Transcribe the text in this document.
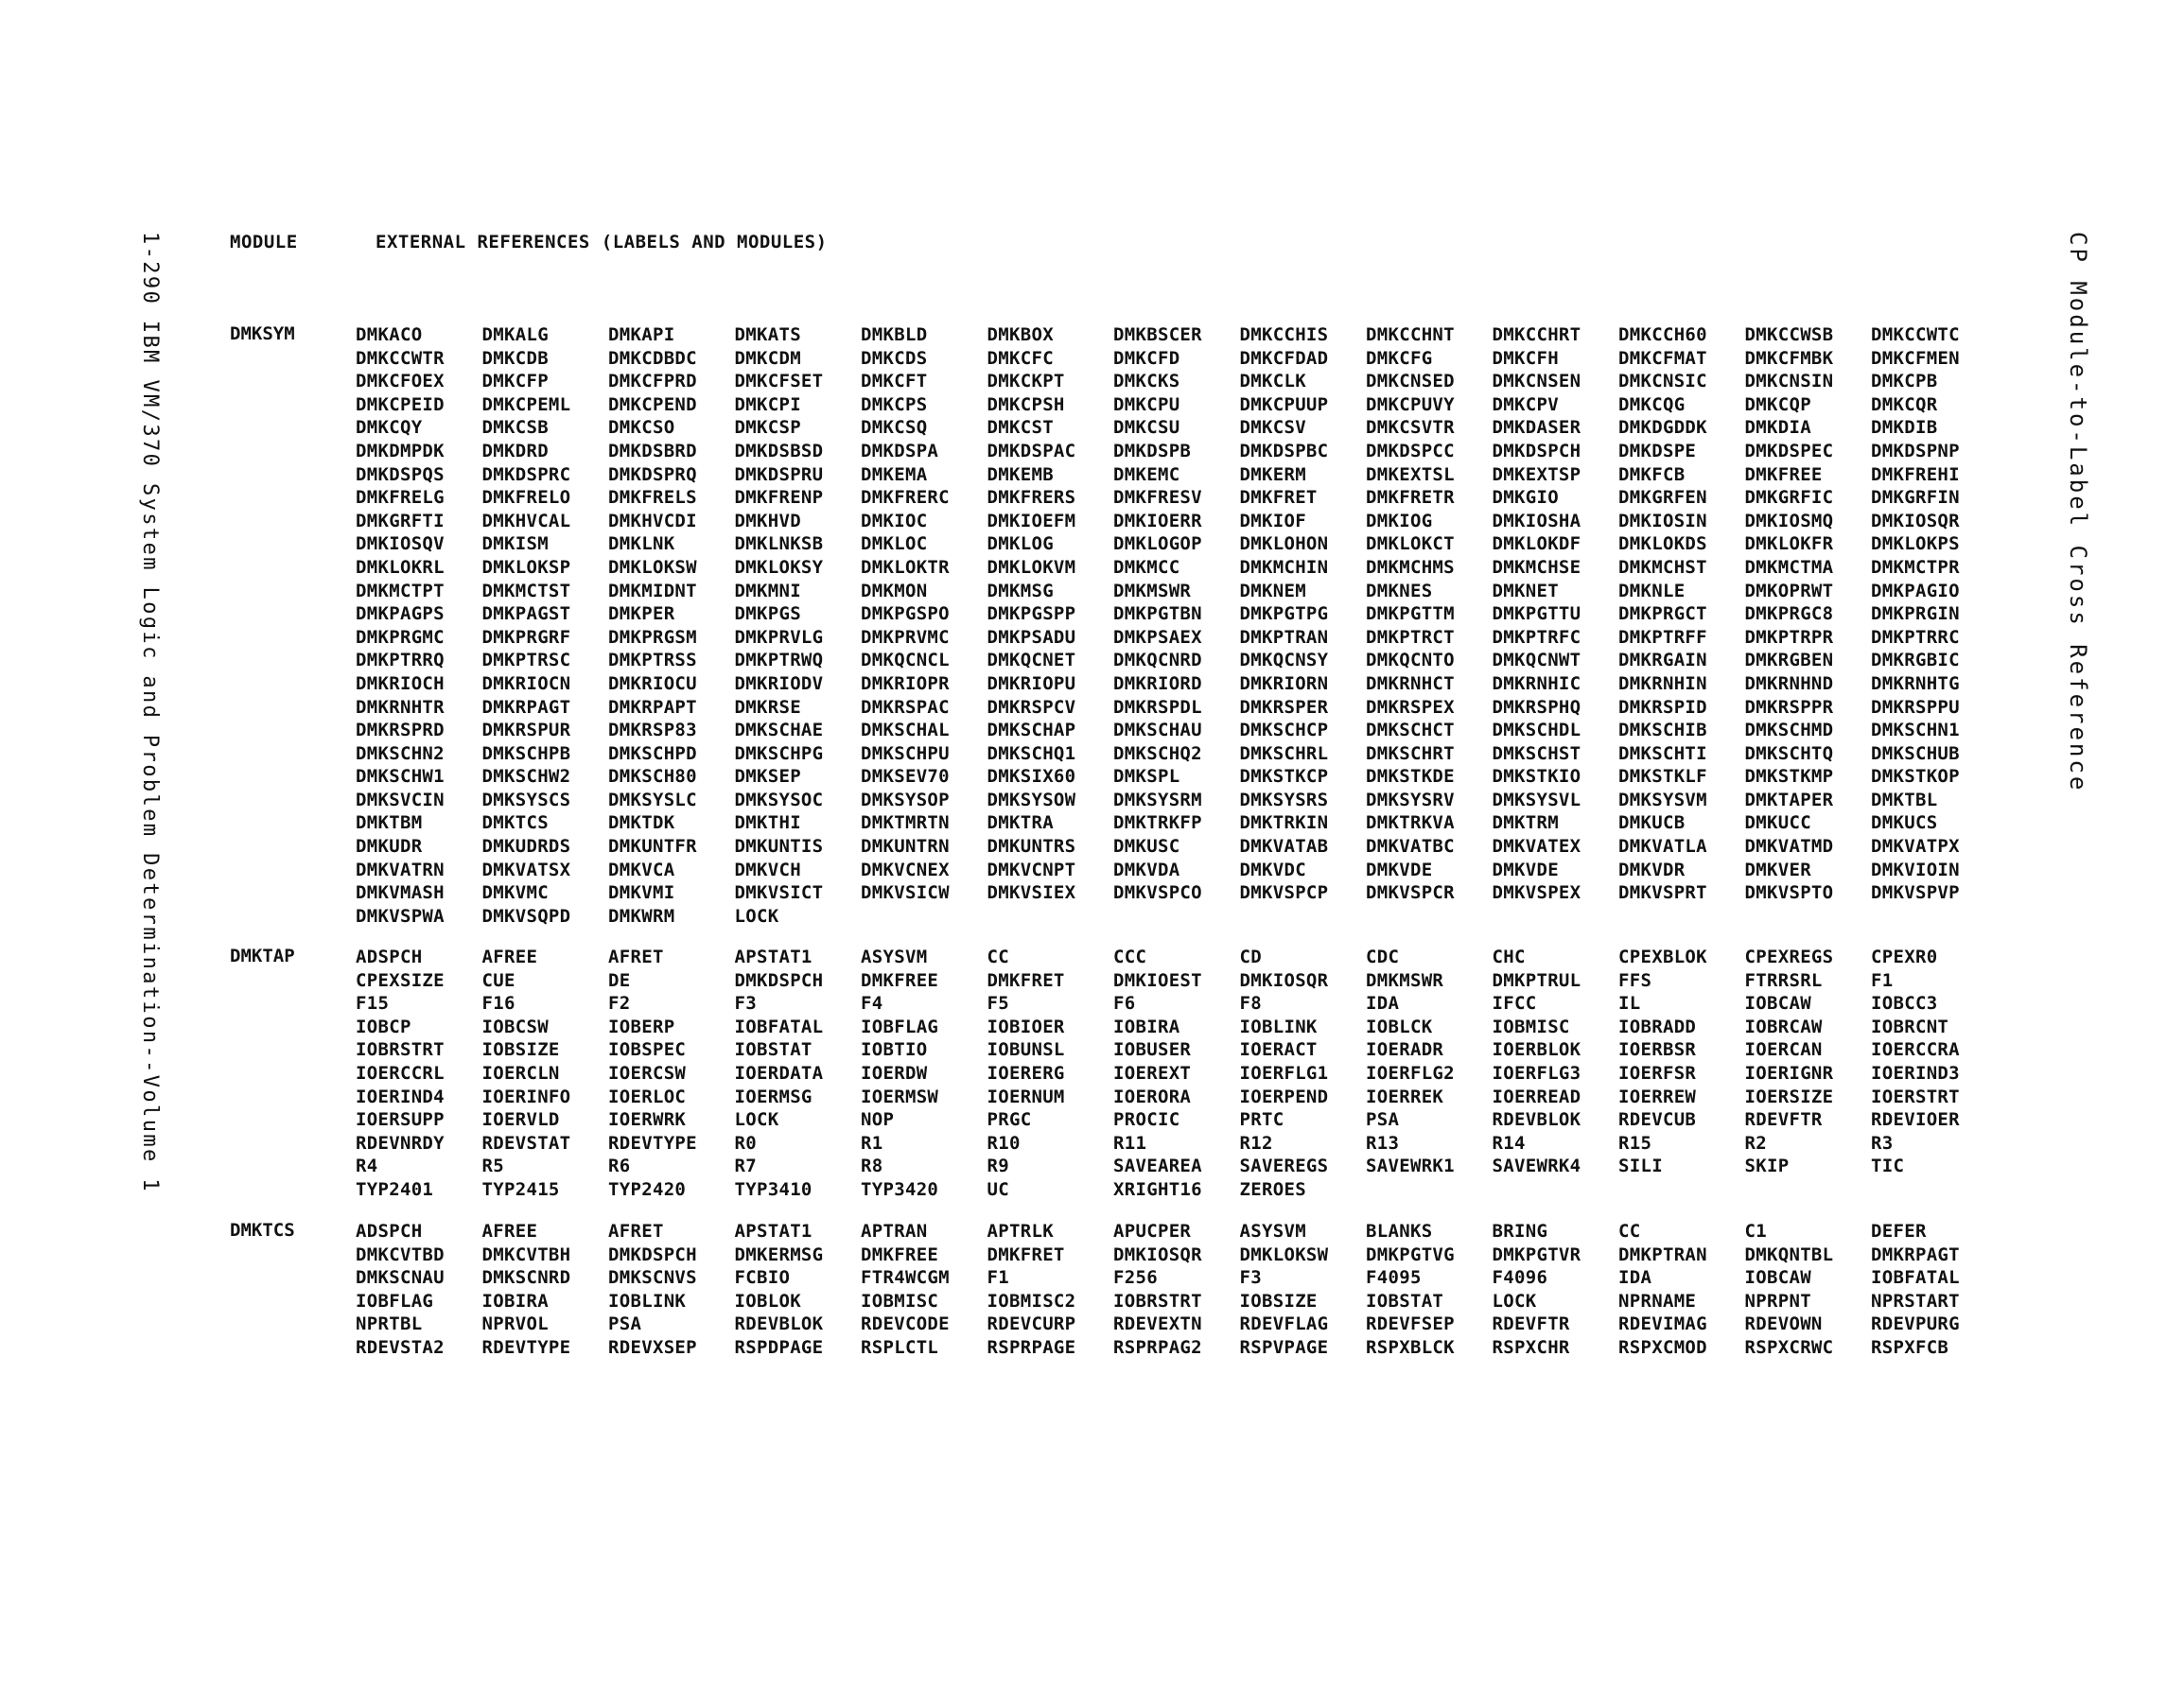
1-290 IBM VM/370 System Logic and Problem Determination--Volume 1	CP Module-to-Label Cross Reference
MODULE	EXTERNAL REFERENCES (LABELS AND MODULES)
DMKSYM	DMKACO	DMKALG	DMKAPI	DMKATS	DMKBLD	DMKBOX	DMKBSCER	DMKCCHIS	DMKCCHNT	DMKCCHRT	DMKCCH60	DMKCCWSB	DMKCCWTC
DMKCCWTR	DMKCDB	DMKCDBDC	DMKCDM	DMKCDS	DMKCFC	DMKCFD	DMKCFDAD	DMKCFG	DMKCFH	DMKCFMAT	DMKCFMBK	DMKCFMEN
DMKCFOEX	DMKCFP	DMKCFPRD	DMKCFSET	DMKCFT	DMKCKPT	DMKCKS	DMKCLK	DMKCNSED	DMKCNSEN	DMKCNSIC	DMKCNSIN	DMKCPB
DMKCPEID	DMKCPEML	DMKCPEND	DMKCPI	DMKCPS	DMKCPSH	DMKCPU	DMKCPUUP	DMKCPUVY	DMKCPV	DMKCQG	DMKCQP	DMKCQR
DMKCQY	DMKCSB	DMKCSO	DMKCSP	DMKCSQ	DMKCST	DMKCSU	DMKCSV	DMKCSVTR	DMKDASER	DMKDGDDK	DMKDIA	DMKDIB
DMKDMPDK	DMKDRD	DMKDSBRD	DMKDSBSD	DMKDSPA	DMKDSPAC	DMKDSPB	DMKDSPBC	DMKDSPCC	DMKDSPCH	DMKDSPE	DMKDSPEC	DMKDSPNP
DMKDSPQS	DMKDSPRC	DMKDSPRQ	DMKDSPRU	DMKEMA	DMKEMB	DMKEMC	DMKERM	DMKEXTSL	DMKEXTSP	DMKFCB	DMKFREE	DMKFREHI
DMKFRELG	DMKFRELO	DMKFRELS	DMKFRENP	DMKFRERC	DMKFRERS	DMKFRESV	DMKFRET	DMKFRETR	DMKGIO	DMKGRFEN	DMKGRFIC	DMKGRFIN
DMKGRFTI	DMKHVCAL	DMKHVCDI	DMKHVD	DMKIOC	DMKIOEFM	DMKIOERR	DMKIOF	DMKIOG	DMKIOSHA	DMKIOSIN	DMKIOSMQ	DMKIOSQR
DMKIOSQV	DMKISM	DMKLNK	DMKLNKSB	DMKLOC	DMKLOG	DMKLOGOP	DMKLOHON	DMKLOKCT	DMKLOKDF	DMKLOKDS	DMKLOKFR	DMKLOKPS
DMKLOKRL	DMKLOKSP	DMKLOKSW	DMKLOKSY	DMKLOKTR	DMKLOKVM	DMKMCC	DMKMCHIN	DMKMCHMS	DMKMCHSE	DMKMCHST	DMKMCTMA	DMKMCTPR
DMKMCTPT	DMKMCTST	DMKMIDNT	DMKMNI	DMKMON	DMKMSG	DMKMSWR	DMKNEM	DMKNES	DMKNET	DMKNLE	DMKOPRWT	DMKPAGIO
DMKPAGPS	DMKPAGST	DMKPER	DMKPGS	DMKPGSPO	DMKPGSPP	DMKPGTBN	DMKPGTPG	DMKPGTTM	DMKPGTTU	DMKPRGCT	DMKPRGC8	DMKPRGIN
DMKPRGMC	DMKPRGRF	DMKPRGSM	DMKPRVLG	DMKPRVMC	DMKPSADU	DMKPSAEX	DMKPTRAN	DMKPTRCT	DMKPTRFC	DMKPTRFF	DMKPTRPR	DMKPTRRC
DMKPTRRQ	DMKPTRSC	DMKPTRSS	DMKPTRWQ	DMKQCNCL	DMKQCNET	DMKQCNRD	DMKQCNSY	DMKQCNTO	DMKQCNWT	DMKRGAIN	DMKRGBEN	DMKRGBIC
DMKRIOCH	DMKRIOCN	DMKRIOCU	DMKRIODV	DMKRIOPR	DMKRIOPU	DMKRIORD	DMKRIORN	DMKRNHCT	DMKRNHIC	DMKRNHIN	DMKRNHND	DMKRNHTG
DMKRNHTR	DMKRPAGT	DMKRPAPT	DMKRSE	DMKRSPAC	DMKRSPCV	DMKRSPDL	DMKRSPER	DMKRSPEX	DMKRSPHQ	DMKRSPID	DMKRSPPR	DMKRSPPU
DMKRSPRD	DMKRSPUR	DMKRSP83	DMKSCHAE	DMKSCHAL	DMKSCHAP	DMKSCHAU	DMKSCHCP	DMKSCHCT	DMKSCHDL	DMKSCHIB	DMKSCHMD	DMKSCHN1
DMKSCHN2	DMKSCHPB	DMKSCHPD	DMKSCHPG	DMKSCHPU	DMKSCHQ1	DMKSCHQ2	DMKSCHRL	DMKSCHRT	DMKSCHST	DMKSCHTI	DMKSCHTQ	DMKSCHUB
DMKSCHW1	DMKSCHW2	DMKSCH80	DMKSEP	DMKSEV70	DMKSIX60	DMKSPL	DMKSTKCP	DMKSTKDE	DMKSTKIO	DMKSTKLF	DMKSTKMP	DMKSTKOP
DMKSVCIN	DMKSYSCS	DMKSYSLC	DMKSYSOC	DMKSYSOP	DMKSYSOW	DMKSYSRM	DMKSYSRS	DMKSYSRV	DMKSYSVL	DMKSYSVM	DMKTAPER	DMKTBL
DMKTBM	DMKTCS	DMKTDK	DMKTHI	DMKTMRTN	DMKTRA	DMKTRKFP	DMKTRKIN	DMKTRKVA	DMKTRM	DMKUCB	DMKUCC	DMKUCS
DMKUDR	DMKUDRDS	DMKUNTFR	DMKUNTIS	DMKUNTRN	DMKUNTRS	DMKUSC	DMKVATAB	DMKVATBC	DMKVATEX	DMKVATLA	DMKVATMD	DMKVATPX
DMKVATRN	DMKVATSX	DMKVCA	DMKVCH	DMKVCNEX	DMKVCNPT	DMKVDA	DMKVDC	DMKVDE	DMKVDE	DMKVDR	DMKVER	DMKVIOIN
DMKVMASH	DMKVMC	DMKVMI	DMKVSICT	DMKVSICW	DMKVSIEX	DMKVSPCO	DMKVSPCP	DMKVSPCR	DMKVSPEX	DMKVSPRT	DMKVSPTO	DMKVSPVP
DMKVSPWA	DMKVSQPD	DMKWRM	LOCK
DMKTAP	ADSPCH	AFREE	AFRET	APSTAT1	ASYSVM	CC	CCC	CD	CDC	CHC	CPEXBLOK	CPEXREGS	CPEXR0
CPEXSIZE	CUE	DE	DMKDSPCH	DMKFREE	DMKFRET	DMKIOEST	DMKIOSQR	DMKMSWR	DMKPTRUL	FFS	FTRRSRL	F1
F15	F16	F2	F3	F4	F5	F6	F8	IDA	IFCC	IL	IOBCAW	IOBCC3
IOBCP	IOBCSW	IOBERP	IOBFATAL	IOBFLAG	IOBIOER	IOBIRA	IOBLINK	IOBLCK	IOBMISC	IOBRADD	IOBRCAW	IOBRCNT
IOBRSTRT	IOBSIZE	IOBSPEC	IOBSTAT	IOBTIO	IOBUNSL	IOBUSER	IOERACT	IOERADR	IOERBLOK	IOERBSR	IOERCAN	IOERCCRA
IOERCCRL	IOERCLN	IOERCSW	IOERDATA	IOERDW	IOERERG	IOEREXT	IOERFLG1	IOERFLG2	IOERFLG3	IOERFSR	IOERIGNR	IOERIND3
IOERIND4	IOERINFO	IOERLOC	IOERMSG	IOERMSW	IOERNUM	IOERORA	IOERPEND	IOERREK	IOERREAD	IOERREW	IOERSIZE	IOERSTRT
IOERSUPP	IOERVLD	IOERWRK	LOCK	NOP	PRGC	PROCIC	PRTC	PSA	RDEVBLOK	RDEVCUB	RDEVFTR	RDEVIOER
RDEVNRDY	RDEVSTAT	RDEVTYPE	R0	R1	R10	R11	R12	R13	R14	R15	R2	R3
R4	R5	R6	R7	R8	R9	SAVEAREA	SAVEREGS	SAVEWRK1	SAVEWRK4	SILI	SKIP	TIC
TYP2401	TYP2415	TYP2420	TYP3410	TYP3420	UC	XRIGHT16	ZEROES
DMKTCS	ADSPCH	AFREE	AFRET	APSTAT1	APTRAN	APTRLK	APUCPER	ASYSVM	BLANKS	BRING	CC	C1	DEFER
DMKCVTBD	DMKCVTBH	DMKDSPCH	DMKERMSG	DMKFREE	DMKFRET	DMKIOSQR	DMKLOKSW	DMKPGTVG	DMKPGTVR	DMKPTRAN	DMKQNTBL	DMKRPAGT
DMKSCNAU	DMKSCNRD	DMKSCNVS	FCBIO	FTR4WCGM	F1	F256	F3	F4095	F4096	IDA	IOBCAW	IOBFATAL
IOBFLAG	IOBIRA	IOBLINK	IOBLOK	IOBMISC	IOBMISC2	IOBRSTRT	IOBSIZE	IOBSTAT	LOCK	NPRNAME	NPRPNT	NPRSTART
NPRTBL	NPRVOL	PSA	RDEVBLOK	RDEVCODE	RDEVCURP	RDEVEXTN	RDEVFLAG	RDEVFSEP	RDEVFTR	RDEVIMAG	RDEVOWN	RDEVPURG
RDEVSTA2	RDEVTYPE	RDEVXSEP	RSPDPAGE	RSPLCTL	RSPRPAGE	RSPRPAG2	RSPVPAGE	RSPXBLCK	RSPXCHR	RSPXCMOD	RSPXCRWC	RSPXFCB
